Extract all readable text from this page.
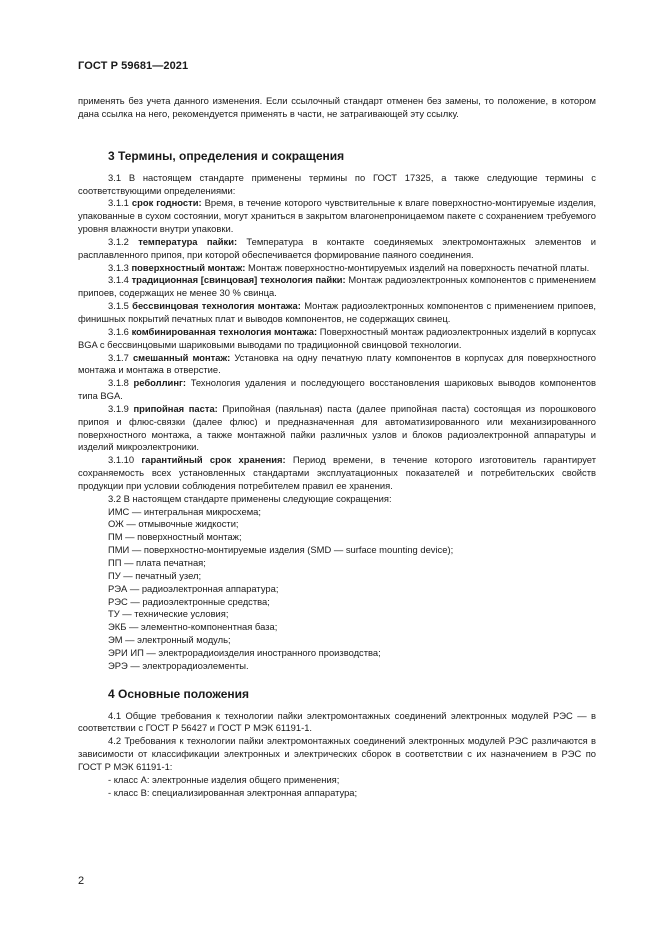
ГОСТ Р 59681—2021

применять без учета данного изменения. Если ссылочный стандарт отменен без замены, то положение, в котором дана ссылка на него, рекомендуется применять в части, не затрагивающей эту ссылку.

3 Термины, определения и сокращения

3.1 В настоящем стандарте применены термины по ГОСТ 17325, а также следующие термины с соответствующими определениями:

3.1.1 срок годности: Время, в течение которого чувствительные к влаге поверхностно-монтируемые изделия, упакованные в сухом состоянии, могут храниться в закрытом влагонепроницаемом пакете с сохранением требуемого уровня влажности внутри упаковки.

3.1.2 температура пайки: Температура в контакте соединяемых электромонтажных элементов и расплавленного припоя, при которой обеспечивается формирование паяного соединения.

3.1.3 поверхностный монтаж: Монтаж поверхностно-монтируемых изделий на поверхность печатной платы.

3.1.4 традиционная [свинцовая] технология пайки: Монтаж радиоэлектронных компонентов с применением припоев, содержащих не менее 30 % свинца.

3.1.5 бессвинцовая технология монтажа: Монтаж радиоэлектронных компонентов с применением припоев, финишных покрытий печатных плат и выводов компонентов, не содержащих свинец.

3.1.6 комбинированная технология монтажа: Поверхностный монтаж радиоэлектронных изделий в корпусах BGA с бессвинцовыми шариковыми выводами по традиционной свинцовой технологии.

3.1.7 смешанный монтаж: Установка на одну печатную плату компонентов в корпусах для поверхностного монтажа и монтажа в отверстие.

3.1.8 реболлинг: Технология удаления и последующего восстановления шариковых выводов компонентов типа BGA.

3.1.9 припойная паста: Припойная (паяльная) паста (далее припойная паста) состоящая из порошкового припоя и флюс-связки (далее флюс) и предназначенная для автоматизированного или механизированного поверхностного монтажа, а также монтажной пайки различных узлов и блоков радиоэлектронной аппаратуры и изделий микроэлектроники.

3.1.10 гарантийный срок хранения: Период времени, в течение которого изготовитель гарантирует сохраняемость всех установленных стандартами эксплуатационных показателей и потребительских свойств продукции при условии соблюдения потребителем правил ее хранения.

3.2 В настоящем стандарте применены следующие сокращения:

ИМС — интегральная микросхема;

ОЖ — отмывочные жидкости;

ПМ — поверхностный монтаж;

ПМИ — поверхностно-монтируемые изделия (SMD — surface mounting device);

ПП — плата печатная;

ПУ — печатный узел;

РЭА — радиоэлектронная аппаратура;

РЭС — радиоэлектронные средства;

ТУ — технические условия;

ЭКБ — элементно-компонентная база;

ЭМ — электронный модуль;

ЭРИ ИП — электрорадиоизделия иностранного производства;

ЭРЭ — электрорадиоэлементы.

4 Основные положения

4.1 Общие требования к технологии пайки электромонтажных соединений электронных модулей РЭС — в соответствии с ГОСТ Р 56427 и ГОСТ Р МЭК 61191-1.

4.2 Требования к технологии пайки электромонтажных соединений электронных модулей РЭС различаются в зависимости от классификации электронных и электрических сборок в соответствии с их назначением в РЭС по ГОСТ Р МЭК 61191-1:

- класс А: электронные изделия общего применения;

- класс В: специализированная электронная аппаратура;

2
